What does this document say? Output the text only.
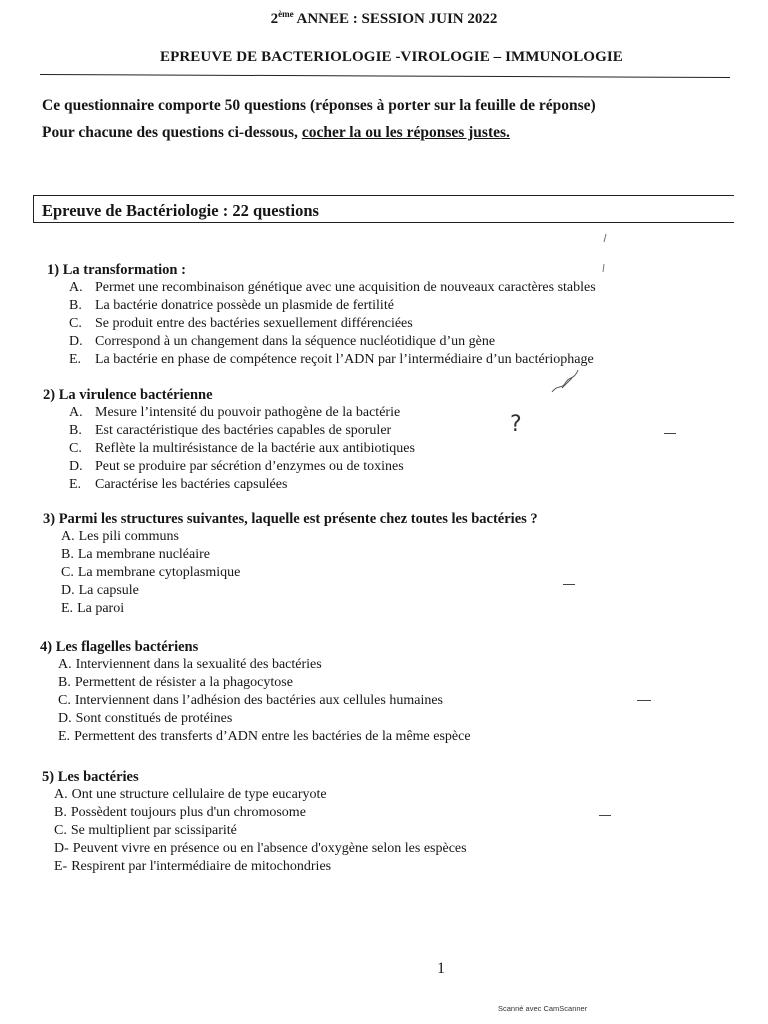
2ème ANNEE : SESSION JUIN 2022
EPREUVE DE BACTERIOLOGIE -VIROLOGIE – IMMUNOLOGIE
Ce questionnaire comporte 50 questions (réponses à porter sur la feuille de réponse)
Pour chacune des questions ci-dessous, cocher la ou les réponses justes.
Epreuve de Bactériologie : 22 questions
1) La transformation :
A. Permet une recombinaison génétique avec une acquisition de nouveaux caractères stables
B. La bactérie donatrice possède un plasmide de fertilité
C. Se produit entre des bactéries sexuellement différenciées
D. Correspond à un changement dans la séquence nucléotidique d’un gène
E. La bactérie en phase de compétence reçoit l’ADN par l’intermédiaire d’un bactériophage
2) La virulence bactérienne
A. Mesure l’intensité du pouvoir pathogène de la bactérie
B. Est caractéristique des bactéries capables de sporuler
C. Reflète la multirésistance de la bactérie aux antibiotiques
D. Peut se produire par sécrétion d’enzymes ou de toxines
E. Caractérise les bactéries capsulées
3) Parmi les structures suivantes, laquelle est présente chez toutes les bactéries ?
A. Les pili communs
B. La membrane nucléaire
C. La membrane cytoplasmique
D. La capsule
E. La paroi
4) Les flagelles bactériens
A. Interviennent dans la sexualité des bactéries
B. Permettent de résister a la phagocytose
C. Interviennent dans l’adhésion des bactéries aux cellules humaines
D. Sont constitués de protéines
E. Permettent des transferts d’ADN entre les bactéries de la même espèce
5) Les bactéries
A. Ont une structure cellulaire de type eucaryote
B. Possèdent toujours plus d'un chromosome
C. Se multiplient par scissiparité
D- Peuvent vivre en présence ou en l'absence d'oxygène selon les espèces
E- Respirent par l'intermédiaire de mitochondries
?
1
Scanné avec CamScanner
